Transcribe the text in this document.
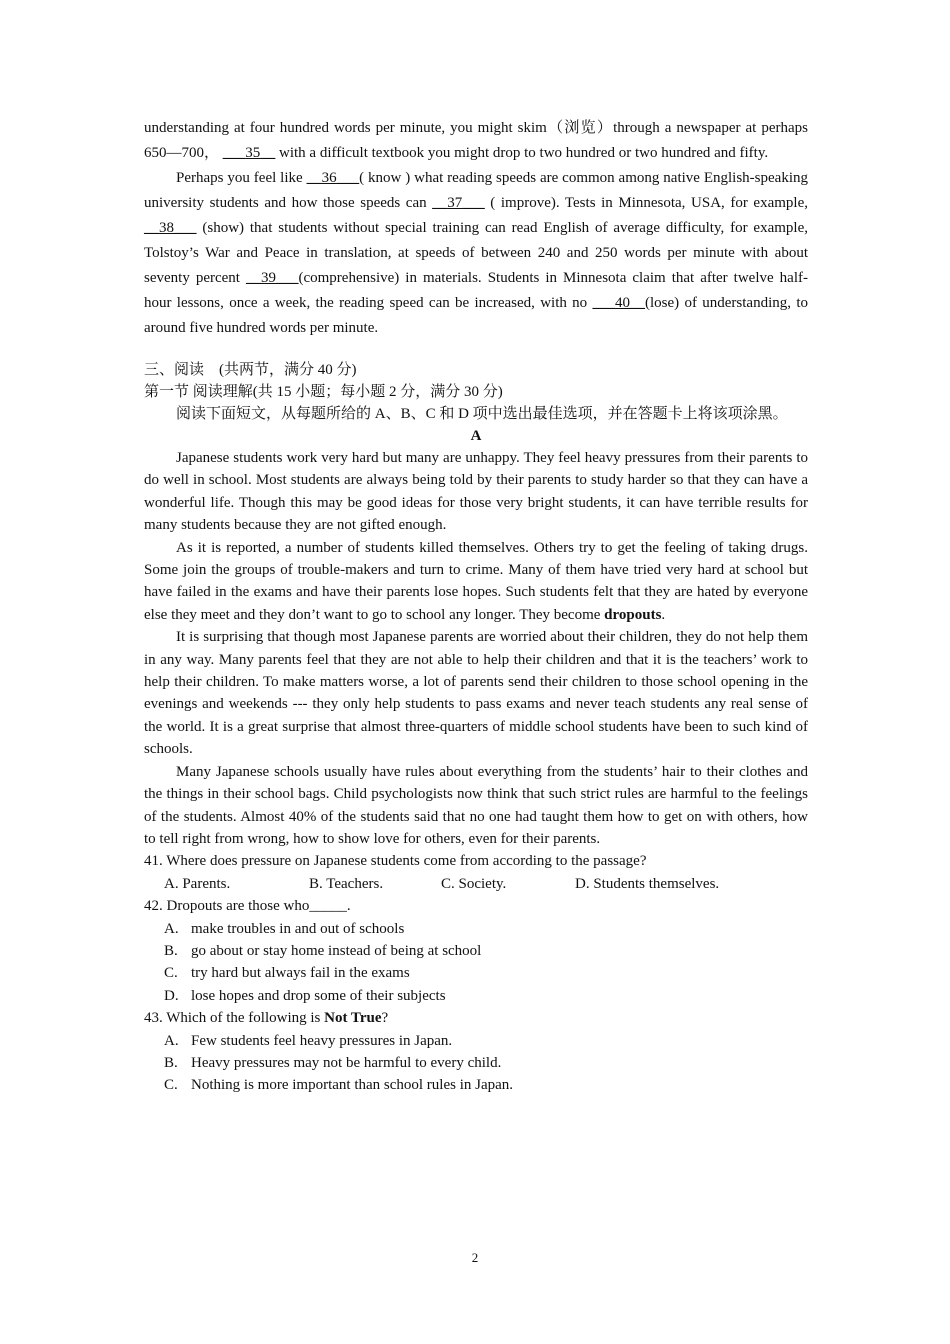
understanding at four hundred words per minute, you might skim（浏览）through a newspaper at perhaps 650—700， ___35__ with a difficult textbook you might drop to two hundred or two hundred and fifty.

Perhaps you feel like __36___( know ) what reading speeds are common among native English-speaking university students and how those speeds can __37___ ( improve). Tests in Minnesota, USA, for example, __38___ (show) that students without special training can read English of average difficulty, for example, Tolstoy’s War and Peace in translation, at speeds of between 240 and 250 words per minute with about seventy percent __39___(comprehensive) in materials. Students in Minnesota claim that after twelve half-hour lessons, once a week, the reading speed can be increased, with no ___40__(lose) of understanding, to around five hundred words per minute.

三、阅读　(共两节，满分 40 分)

第一节 阅读理解(共 15 小题；每小题 2 分，满分 30 分)

阅读下面短文，从每题所给的 A、B、C 和 D 项中选出最佳选项，并在答题卡上将该项涂黑。

A

Japanese students work very hard but many are unhappy. They feel heavy pressures from their parents to do well in school. Most students are always being told by their parents to study harder so that they can have a wonderful life. Though this may be good ideas for those very bright students, it can have terrible results for many students because they are not gifted enough.

As it is reported, a number of students killed themselves. Others try to get the feeling of taking drugs. Some join the groups of trouble-makers and turn to crime. Many of them have tried very hard at school but have failed in the exams and have their parents lose hopes. Such students felt that they are hated by everyone else they meet and they don’t want to go to school any longer. They become dropouts.

It is surprising that though most Japanese parents are worried about their children, they do not help them in any way. Many parents feel that they are not able to help their children and that it is the teachers’ work to help their children. To make matters worse, a lot of parents send their children to those school opening in the evenings and weekends --- they only help students to pass exams and never teach students any real sense of the world. It is a great surprise that almost three-quarters of middle school students have been to such kind of schools.

Many Japanese schools usually have rules about everything from the students’ hair to their clothes and the things in their school bags. Child psychologists now think that such strict rules are harmful to the feelings of the students. Almost 40% of the students said that no one had taught them how to get on with others, how to tell right from wrong, how to show love for others, even for their parents.

41. Where does pressure on Japanese students come from according to the passage?
A. Parents.	B. Teachers.	C. Society.	D. Students themselves.
42. Dropouts are those who_____.
A. make troubles in and out of schools
B. go about or stay home instead of being at school
C. try hard but always fail in the exams
D. lose hopes and drop some of their subjects
43. Which of the following is Not True?
A. Few students feel heavy pressures in Japan.
B. Heavy pressures may not be harmful to every child.
C. Nothing is more important than school rules in Japan.
2
